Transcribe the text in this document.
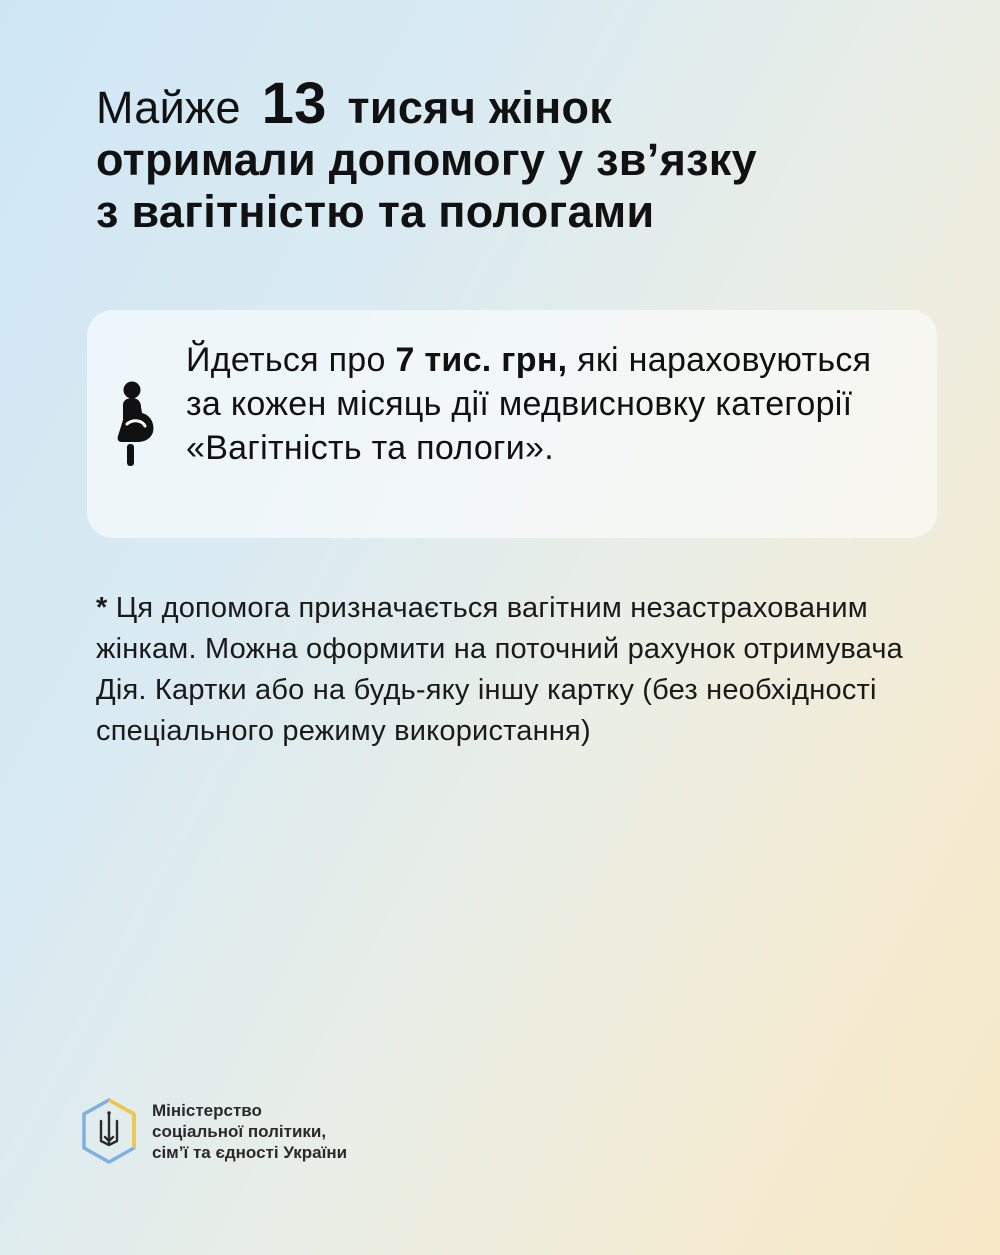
Майже 13 тисяч жінок
отримали допомогу у звʼязку
з вагітністю та пологами

Йдеться про 7 тис. грн, які нараховуються за кожен місяць дії медвисновку категорії «Вагітність та пологи».

* Ця допомога призначається вагітним незастрахованим жінкам. Можна оформити на поточний рахунок отримувача Дія. Картки або на будь-яку іншу картку (без необхідності спеціального режиму використання)

Міністерство
соціальної політики,
сімʼї та єдності України
